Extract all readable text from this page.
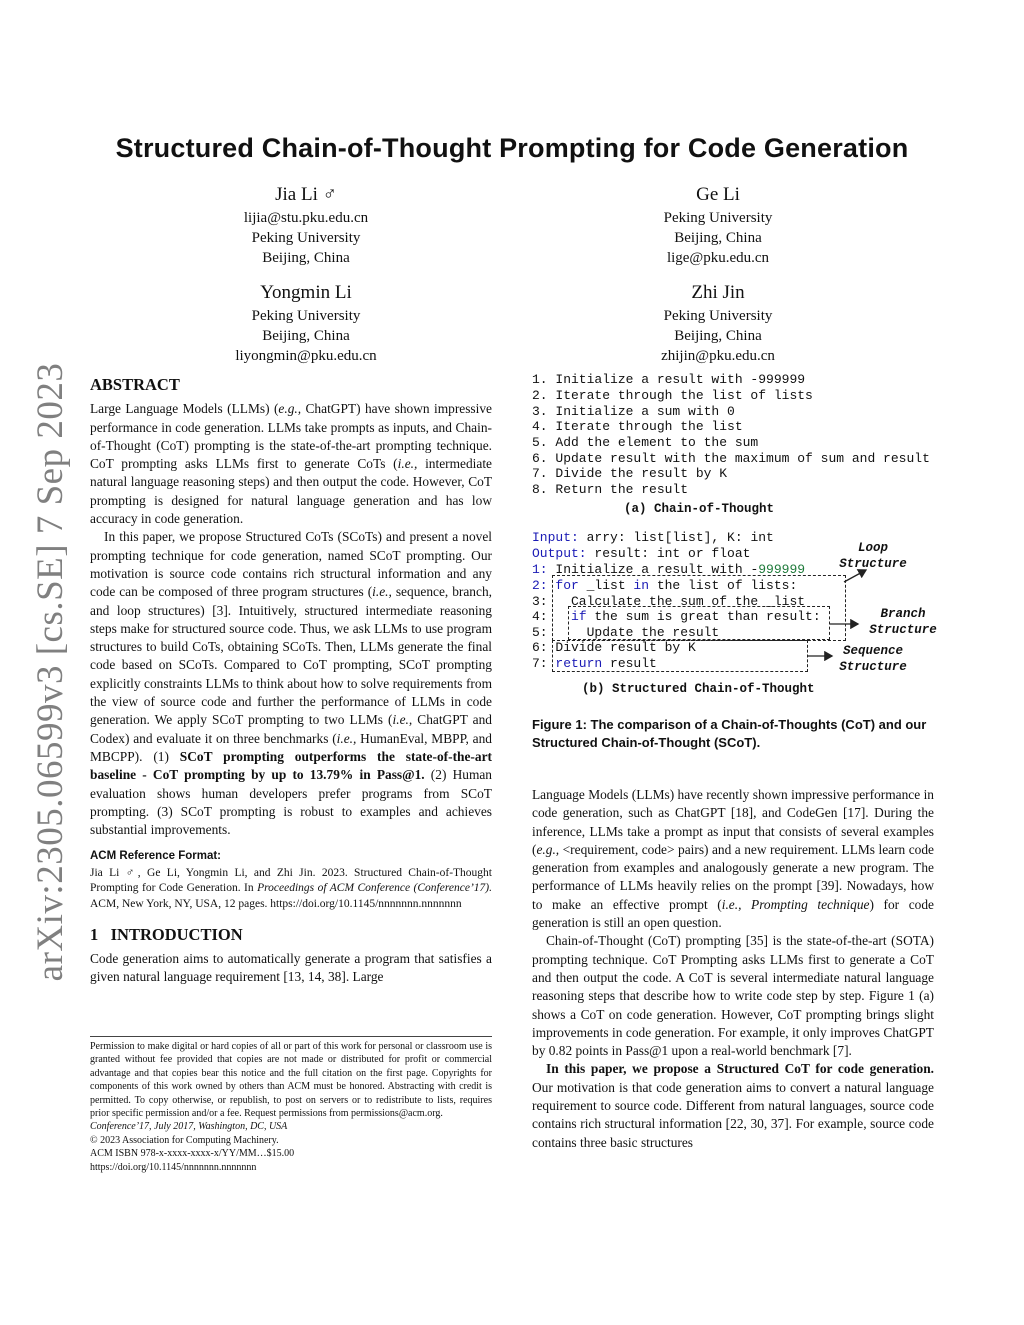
arXiv:2305.06599v3 [cs.SE] 7 Sep 2023
Structured Chain-of-Thought Prompting for Code Generation
Jia Li ♂
lijia@stu.pku.edu.cn
Peking University
Beijing, China
Ge Li
Peking University
Beijing, China
lige@pku.edu.cn
Yongmin Li
Peking University
Beijing, China
liyongmin@pku.edu.cn
Zhi Jin
Peking University
Beijing, China
zhijin@pku.edu.cn

ABSTRACT

Large Language Models (LLMs) (e.g., ChatGPT) have shown impressive performance in code generation. LLMs take prompts as inputs, and Chain-of-Thought (CoT) prompting is the state-of-the-art prompting technique. CoT prompting asks LLMs first to generate CoTs (i.e., intermediate natural language reasoning steps) and then output the code. However, CoT prompting is designed for natural language generation and has low accuracy in code generation.

In this paper, we propose Structured CoTs (SCoTs) and present a novel prompting technique for code generation, named SCoT prompting. Our motivation is source code contains rich structural information and any code can be composed of three program structures (i.e., sequence, branch, and loop structures) [3]. Intuitively, structured intermediate reasoning steps make for structured source code. Thus, we ask LLMs to use program structures to build CoTs, obtaining SCoTs. Then, LLMs generate the final code based on SCoTs. Compared to CoT prompting, SCoT prompting explicitly constraints LLMs to think about how to solve requirements from the view of source code and further the performance of LLMs in code generation. We apply SCoT prompting to two LLMs (i.e., ChatGPT and Codex) and evaluate it on three benchmarks (i.e., HumanEval, MBPP, and MBCPP). (1) SCoT prompting outperforms the state-of-the-art baseline - CoT prompting by up to 13.79% in Pass@1. (2) Human evaluation shows human developers prefer programs from SCoT prompting. (3) SCoT prompting is robust to examples and achieves substantial improvements.

ACM Reference Format:

Jia Li ♂, Ge Li, Yongmin Li, and Zhi Jin. 2023. Structured Chain-of-Thought Prompting for Code Generation. In Proceedings of ACM Conference (Conference’17). ACM, New York, NY, USA, 12 pages. https://doi.org/10.1145/nnnnnnn.nnnnnnn

1   INTRODUCTION

Code generation aims to automatically generate a program that satisfies a given natural language requirement [13, 14, 38]. Large

Permission to make digital or hard copies of all or part of this work for personal or classroom use is granted without fee provided that copies are not made or distributed for profit or commercial advantage and that copies bear this notice and the full citation on the first page. Copyrights for components of this work owned by others than ACM must be honored. Abstracting with credit is permitted. To copy otherwise, or republish, to post on servers or to redistribute to lists, requires prior specific permission and/or a fee. Request permissions from permissions@acm.org.

Conference’17, July 2017, Washington, DC, USA

© 2023 Association for Computing Machinery.

ACM ISBN 978-x-xxxx-xxxx-x/YY/MM…$15.00

https://doi.org/10.1145/nnnnnnn.nnnnnnn

1. Initialize a result with -999999
2. Iterate through the list of lists
3. Initialize a sum with 0
4. Iterate through the list
5. Add the element to the sum
6. Update result with the maximum of sum and result
7. Divide the result by K
8. Return the result
(a) Chain-of-Thought
Input: arry: list[list], K: int
Output: result: int or float
1: Initialize a result with -999999
2: for _list in the list of lists:
3:   Calculate the sum of the _list
4:   if the sum is great than result:
5:     Update the result
6: Divide result by K
7: return result
Loop
Structure
Branch
Structure
Sequence
Structure
(b) Structured Chain-of-Thought
Figure 1: The comparison of a Chain-of-Thoughts (CoT) and our Structured Chain-of-Thought (SCoT).

Language Models (LLMs) have recently shown impressive performance in code generation, such as ChatGPT [18], and CodeGen [17]. During the inference, LLMs take a prompt as input that consists of several examples (e.g., <requirement, code> pairs) and a new requirement. LLMs learn code generation from examples and analogously generate a new program. The performance of LLMs heavily relies on the prompt [39]. Nowadays, how to make an effective prompt (i.e., Prompting technique) for code generation is still an open question.

Chain-of-Thought (CoT) prompting [35] is the state-of-the-art (SOTA) prompting technique. CoT Prompting asks LLMs first to generate a CoT and then output the code. A CoT is several intermediate natural language reasoning steps that describe how to write code step by step. Figure 1 (a) shows a CoT on code generation. However, CoT prompting brings slight improvements in code generation. For example, it only improves ChatGPT by 0.82 points in Pass@1 upon a real-world benchmark [7].

In this paper, we propose a Structured CoT for code generation. Our motivation is that code generation aims to convert a natural language requirement to source code. Different from natural languages, source code contains rich structural information [22, 30, 37]. For example, source code contains three basic structures
